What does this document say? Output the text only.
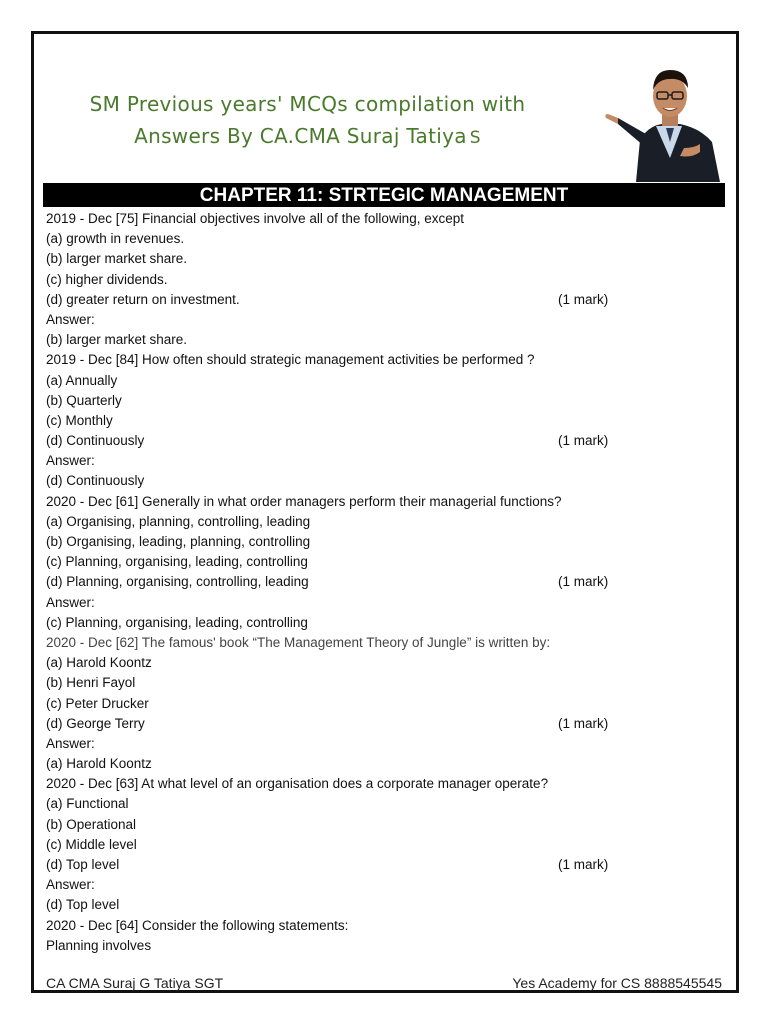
SM Previous years' MCQs compilation with
Answers By CA.CMA Suraj Tatiya S
CHAPTER 11: STRTEGIC MANAGEMENT
2019 - Dec [75] Financial objectives involve all of the following, except
(a) growth in revenues.
(b) larger market share.
(c) higher dividends.
(d) greater return on investment.	(1 mark)
Answer:
(b) larger market share.
2019 - Dec [84] How often should strategic management activities be performed ?
(a) Annually
(b) Quarterly
(c) Monthly
(d) Continuously	(1 mark)
Answer:
(d) Continuously
2020 - Dec [61] Generally in what order managers perform their managerial functions?
(a) Organising, planning, controlling, leading
(b) Organising, leading, planning, controlling
(c) Planning, organising, leading, controlling
(d) Planning, organising, controlling, leading	(1 mark)
Answer:
(c) Planning, organising, leading, controlling
2020 - Dec [62] The famous' book “The Management Theory of Jungle” is written by:
(a) Harold Koontz
(b) Henri Fayol
(c) Peter Drucker
(d) George Terry	(1 mark)
Answer:
(a) Harold Koontz
2020 - Dec [63] At what level of an organisation does a corporate manager operate?
(a) Functional
(b) Operational
(c) Middle level
(d) Top level	(1 mark)
Answer:
(d) Top level
2020 - Dec [64] Consider the following statements:
Planning involves
CA CMA Suraj G Tatiya SGT	Yes Academy for CS 8888545545
